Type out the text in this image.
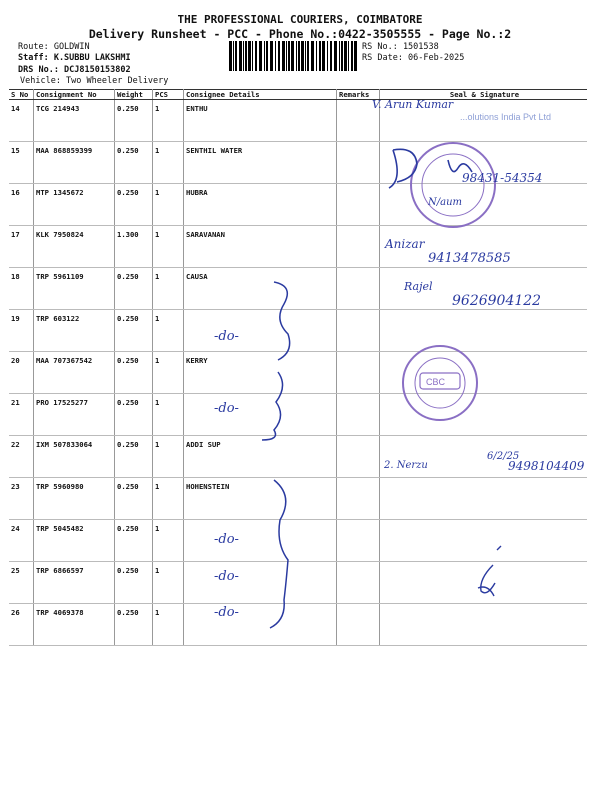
THE PROFESSIONAL COURIERS, COIMBATORE
Delivery Runsheet - PCC - Phone No.:0422-3505555 - Page No.:2
Route: GOLDWIN
Staff: K.SUBBU LAKSHMI
DRS No.: DCJ8150153802
Vehicle: Two Wheeler Delivery
RS No.: 1501538
RS Date: 06-Feb-2025
S No	Consignment No	Weight	PCS	Consignee Details	Remarks	Seal & Signature
14	TCG 214943	0.250	1	ENTHU		
15	MAA 868859399	0.250	1	SENTHIL WATER		
16	MTP 1345672	0.250	1	HUBRA		
17	KLK 7950824	1.300	1	SARAVANAN		
18	TRP 5961109	0.250	1	CAUSA		
19	TRP 603122	0.250	1			
20	MAA 707367542	0.250	1	KERRY		
21	PRO 17525277	0.250	1			
22	IXM 507833064	0.250	1	ADDI SUP		
23	TRP 5960980	0.250	1	HOHENSTEIN		
24	TRP 5045482	0.250	1			
25	TRP 6866597	0.250	1			
26	TRP 4069378	0.250	1			
CBC
...olutions India Pvt Ltd
V. Arun Kumar
N/aum
98431-54354
Anizar
9413478585
Rajel
9626904122
2. Nerzu
6/2/25
9498104409
-do-
-do-
-do-
-do-
-do-
